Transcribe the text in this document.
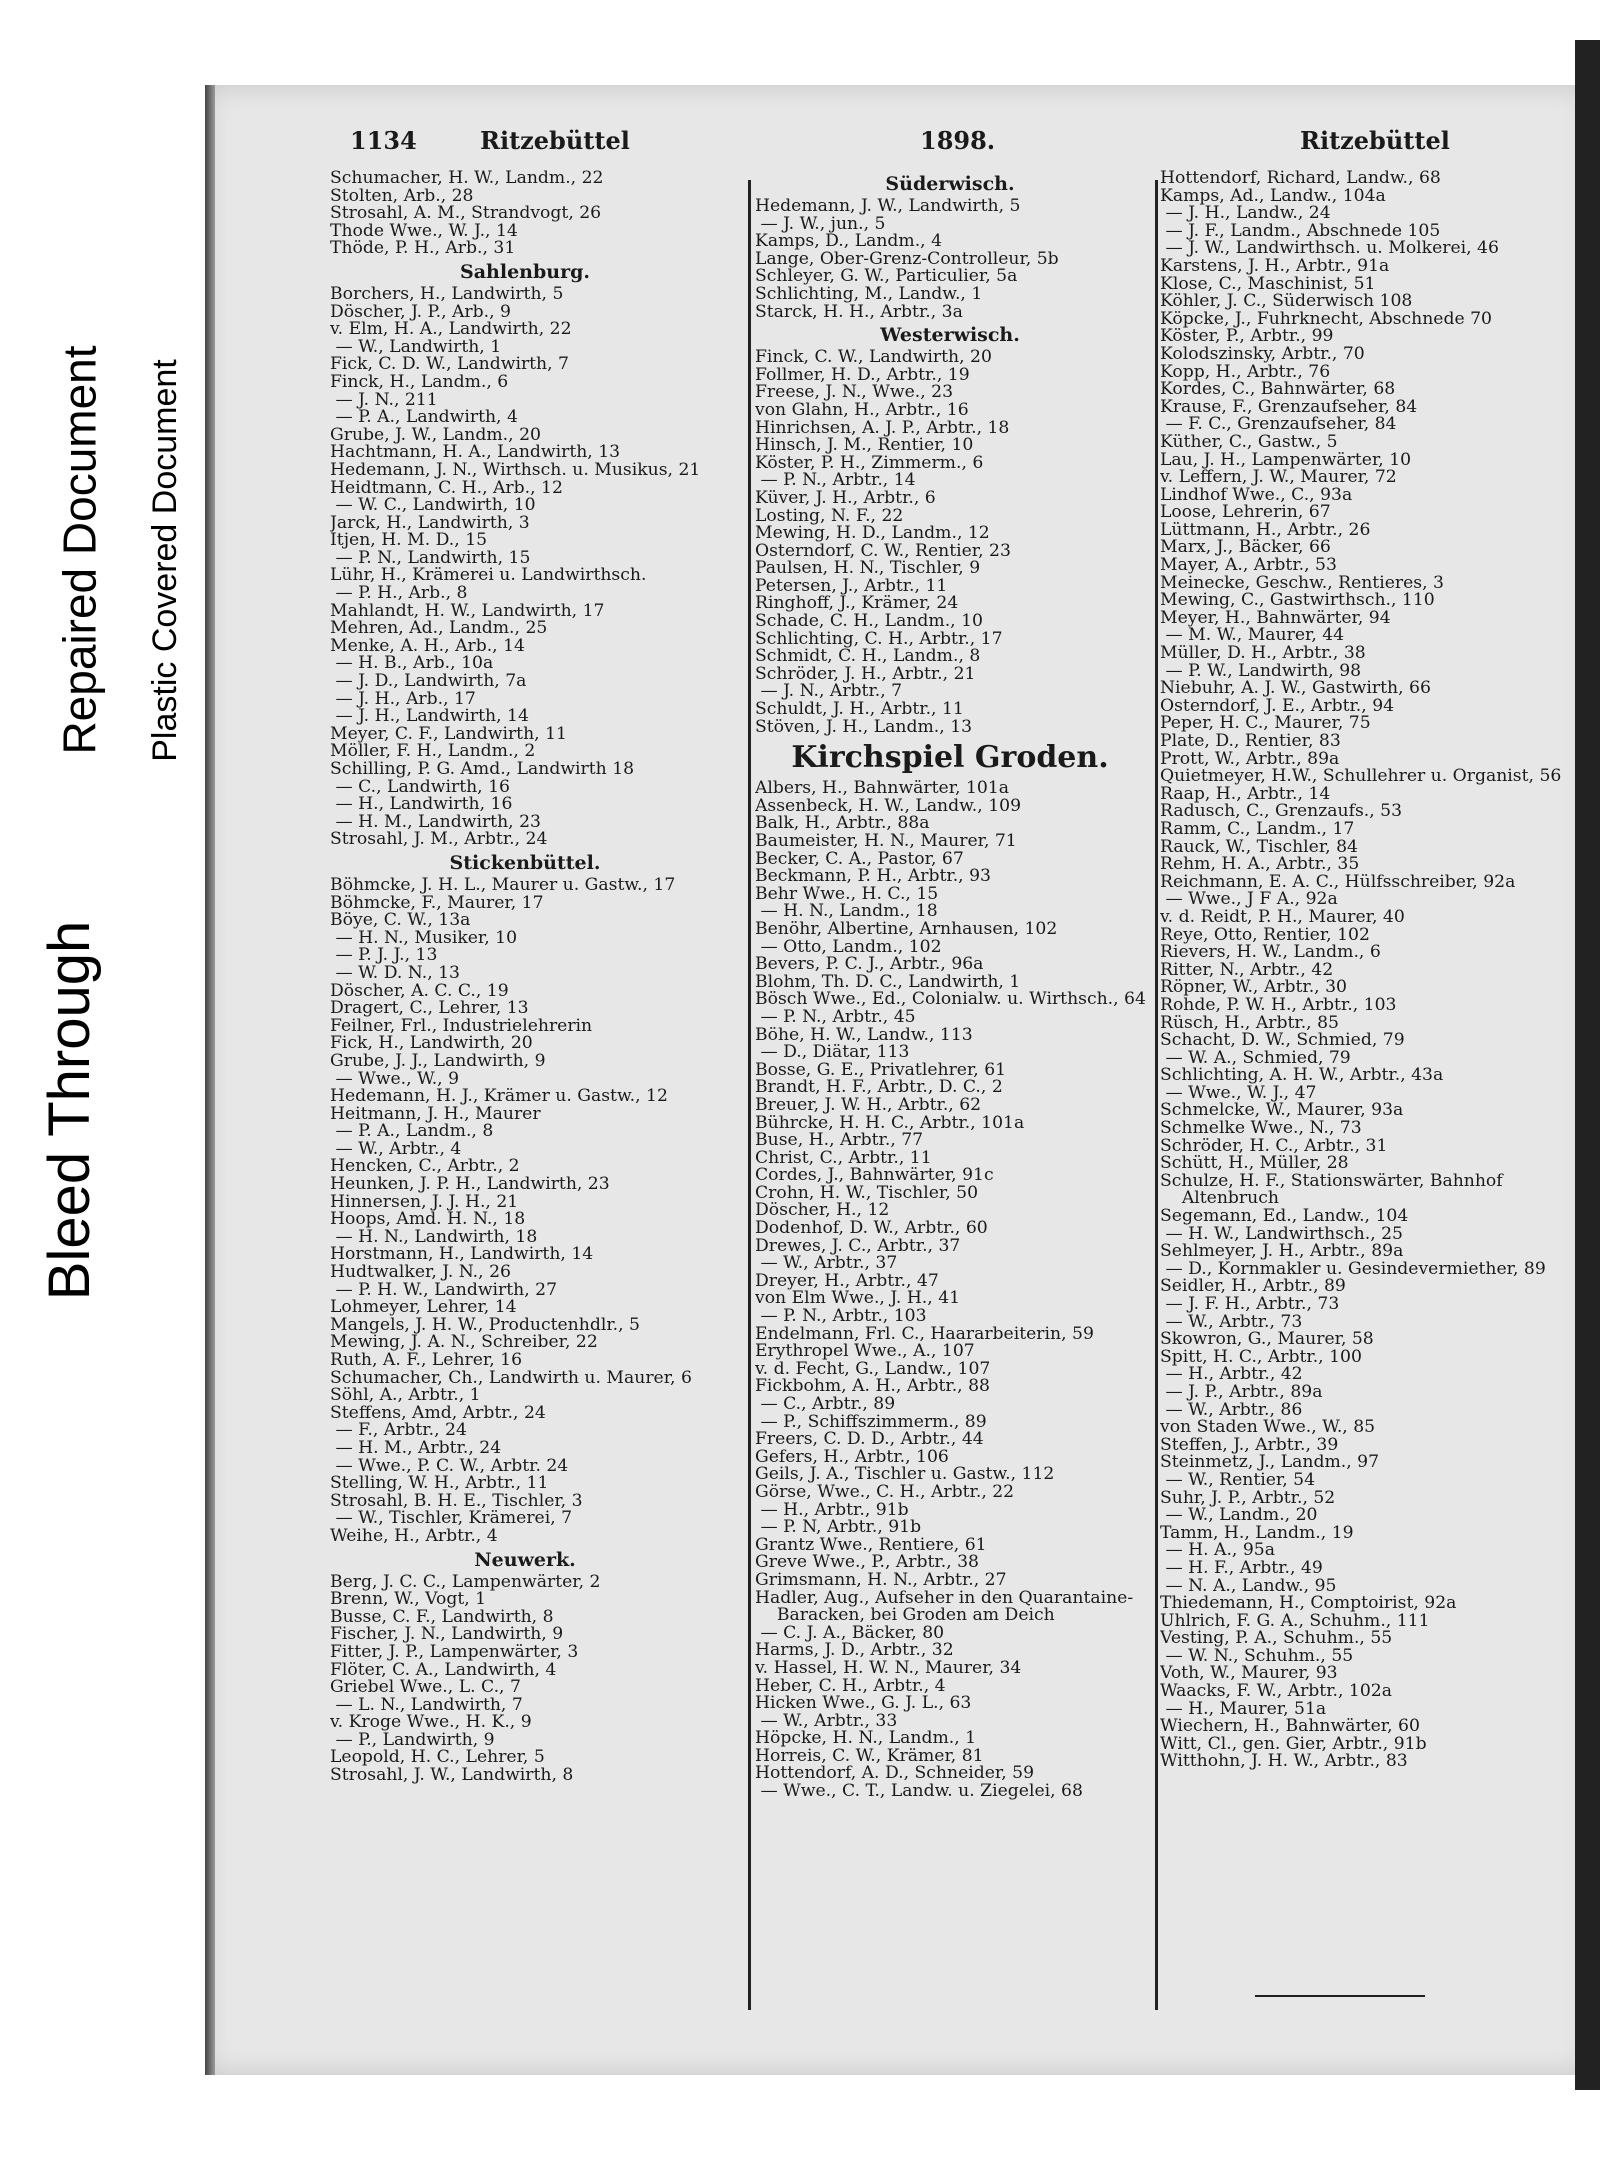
Bleed Through
Repaired Document Plastic Covered Document
1134	Ritzebüttel	1898.	Ritzebüttel
Schumacher, H. W., Landm., 22
Stolten, Arb., 28
Strosahl, A. M., Strandvogt, 26
Thode Wwe., W. J., 14
Thöde, P. H., Arb., 31
Sahlenburg.
Borchers, H., Landwirth, 5
Döscher, J. P., Arb., 9
v. Elm, H. A., Landwirth, 22
— W., Landwirth, 1
Fick, C. D. W., Landwirth, 7
Finck, H., Landm., 6
— J. N., 211
— P. A., Landwirth, 4
Grube, J. W., Landm., 20
Hachtmann, H. A., Landwirth, 13
Hedemann, J. N., Wirthsch. u. Musikus, 21
Heidtmann, C. H., Arb., 12
— W. C., Landwirth, 10
Jarck, H., Landwirth, 3
Itjen, H. M. D., 15
— P. N., Landwirth, 15
Lühr, H., Krämerei u. Landwirthsch.
— P. H., Arb., 8
Mahlandt, H. W., Landwirth, 17
Mehren, Ad., Landm., 25
Menke, A. H., Arb., 14
— H. B., Arb., 10a
— J. D., Landwirth, 7a
— J. H., Arb., 17
— J. H., Landwirth, 14
Meyer, C. F., Landwirth, 11
Möller, F. H., Landm., 2
Schilling, P. G. Amd., Landwirth 18
— C., Landwirth, 16
— H., Landwirth, 16
— H. M., Landwirth, 23
Strosahl, J. M., Arbtr., 24
Stickenbüttel.
Böhmcke, J. H. L., Maurer u. Gastw., 17
Böhmcke, F., Maurer, 17
Böye, C. W., 13a
— H. N., Musiker, 10
— P. J. J., 13
— W. D. N., 13
Döscher, A. C. C., 19
Dragert, C., Lehrer, 13
Feilner, Frl., Industrielehrerin
Fick, H., Landwirth, 20
Grube, J. J., Landwirth, 9
— Wwe., W., 9
Hedemann, H. J., Krämer u. Gastw., 12
Heitmann, J. H., Maurer
— P. A., Landm., 8
— W., Arbtr., 4
Hencken, C., Arbtr., 2
Heunken, J. P. H., Landwirth, 23
Hinnersen, J. J. H., 21
Hoops, Amd. H. N., 18
— H. N., Landwirth, 18
Horstmann, H., Landwirth, 14
Hudtwalker, J. N., 26
— P. H. W., Landwirth, 27
Lohmeyer, Lehrer, 14
Mangels, J. H. W., Productenhdlr., 5
Mewing, J. A. N., Schreiber, 22
Ruth, A. F., Lehrer, 16
Schumacher, Ch., Landwirth u. Maurer, 6
Söhl, A., Arbtr., 1
Steffens, Amd, Arbtr., 24
— F., Arbtr., 24
— H. M., Arbtr., 24
— Wwe., P. C. W., Arbtr. 24
Stelling, W. H., Arbtr., 11
Strosahl, B. H. E., Tischler, 3
— W., Tischler, Krämerei, 7
Weihe, H., Arbtr., 4
Neuwerk.
Berg, J. C. C., Lampenwärter, 2
Brenn, W., Vogt, 1
Busse, C. F., Landwirth, 8
Fischer, J. N., Landwirth, 9
Fitter, J. P., Lampenwärter, 3
Flöter, C. A., Landwirth, 4
Griebel Wwe., L. C., 7
— L. N., Landwirth, 7
v. Kroge Wwe., H. K., 9
— P., Landwirth, 9
Leopold, H. C., Lehrer, 5
Strosahl, J. W., Landwirth, 8
Süderwisch.
Hedemann, J. W., Landwirth, 5
— J. W., jun., 5
Kamps, D., Landm., 4
Lange, Ober-Grenz-Controlleur, 5b
Schleyer, G. W., Particulier, 5a
Schlichting, M., Landw., 1
Starck, H. H., Arbtr., 3a
Westerwisch.
Finck, C. W., Landwirth, 20
Follmer, H. D., Arbtr., 19
Freese, J. N., Wwe., 23
von Glahn, H., Arbtr., 16
Hinrichsen, A. J. P., Arbtr., 18
Hinsch, J. M., Rentier, 10
Köster, P. H., Zimmerm., 6
— P. N., Arbtr., 14
Küver, J. H., Arbtr., 6
Losting, N. F., 22
Mewing, H. D., Landm., 12
Osterndorf, C. W., Rentier, 23
Paulsen, H. N., Tischler, 9
Petersen, J., Arbtr., 11
Ringhoff, J., Krämer, 24
Schade, C. H., Landm., 10
Schlichting, C. H., Arbtr., 17
Schmidt, C. H., Landm., 8
Schröder, J. H., Arbtr., 21
— J. N., Arbtr., 7
Schuldt, J. H., Arbtr., 11
Stöven, J. H., Landm., 13
Kirchspiel Groden.
Albers, H., Bahnwärter, 101a
Assenbeck, H. W., Landw., 109
Balk, H., Arbtr., 88a
Baumeister, H. N., Maurer, 71
Becker, C. A., Pastor, 67
Beckmann, P. H., Arbtr., 93
Behr Wwe., H. C., 15
— H. N., Landm., 18
Benöhr, Albertine, Arnhausen, 102
— Otto, Landm., 102
Bevers, P. C. J., Arbtr., 96a
Blohm, Th. D. C., Landwirth, 1
Bösch Wwe., Ed., Colonialw. u. Wirthsch., 64
— P. N., Arbtr., 45
Böhe, H. W., Landw., 113
— D., Diätar, 113
Bosse, G. E., Privatlehrer, 61
Brandt, H. F., Arbtr., D. C., 2
Breuer, J. W. H., Arbtr., 62
Bührcke, H. H. C., Arbtr., 101a
Buse, H., Arbtr., 77
Christ, C., Arbtr., 11
Cordes, J., Bahnwärter, 91c
Crohn, H. W., Tischler, 50
Döscher, H., 12
Dodenhof, D. W., Arbtr., 60
Drewes, J. C., Arbtr., 37
— W., Arbtr., 37
Dreyer, H., Arbtr., 47
von Elm Wwe., J. H., 41
— P. N., Arbtr., 103
Endelmann, Frl. C., Haararbeiterin, 59
Erythropel Wwe., A., 107
v. d. Fecht, G., Landw., 107
Fickbohm, A. H., Arbtr., 88
— C., Arbtr., 89
— P., Schiffszimmerm., 89
Freers, C. D. D., Arbtr., 44
Gefers, H., Arbtr., 106
Geils, J. A., Tischler u. Gastw., 112
Görse, Wwe., C. H., Arbtr., 22
— H., Arbtr., 91b
— P. N, Arbtr., 91b
Grantz Wwe., Rentiere, 61
Greve Wwe., P., Arbtr., 38
Grimsmann, H. N., Arbtr., 27
Hadler, Aug., Aufseher in den Quarantaine-
Baracken, bei Groden am Deich
— C. J. A., Bäcker, 80
Harms, J. D., Arbtr., 32
v. Hassel, H. W. N., Maurer, 34
Heber, C. H., Arbtr., 4
Hicken Wwe., G. J. L., 63
— W., Arbtr., 33
Höpcke, H. N., Landm., 1
Horreis, C. W., Krämer, 81
Hottendorf, A. D., Schneider, 59
— Wwe., C. T., Landw. u. Ziegelei, 68
Hottendorf, Richard, Landw., 68
Kamps, Ad., Landw., 104a
— J. H., Landw., 24
— J. F., Landm., Abschnede 105
— J. W., Landwirthsch. u. Molkerei, 46
Karstens, J. H., Arbtr., 91a
Klose, C., Maschinist, 51
Köhler, J. C., Süderwisch 108
Köpcke, J., Fuhrknecht, Abschnede 70
Köster, P., Arbtr., 99
Kolodszinsky, Arbtr., 70
Kopp, H., Arbtr., 76
Kordes, C., Bahnwärter, 68
Krause, F., Grenzaufseher, 84
— F. C., Grenzaufseher, 84
Küther, C., Gastw., 5
Lau, J. H., Lampenwärter, 10
v. Leffern, J. W., Maurer, 72
Lindhof Wwe., C., 93a
Loose, Lehrerin, 67
Lüttmann, H., Arbtr., 26
Marx, J., Bäcker, 66
Mayer, A., Arbtr., 53
Meinecke, Geschw., Rentieres, 3
Mewing, C., Gastwirthsch., 110
Meyer, H., Bahnwärter, 94
— M. W., Maurer, 44
Müller, D. H., Arbtr., 38
— P. W., Landwirth, 98
Niebuhr, A. J. W., Gastwirth, 66
Osterndorf, J. E., Arbtr., 94
Peper, H. C., Maurer, 75
Plate, D., Rentier, 83
Prott, W., Arbtr., 89a
Quietmeyer, H.W., Schullehrer u. Organist, 56
Raap, H., Arbtr., 14
Radusch, C., Grenzaufs., 53
Ramm, C., Landm., 17
Rauck, W., Tischler, 84
Rehm, H. A., Arbtr., 35
Reichmann, E. A. C., Hülfsschreiber, 92a
— Wwe., J F A., 92a
v. d. Reidt, P. H., Maurer, 40
Reye, Otto, Rentier, 102
Rievers, H. W., Landm., 6
Ritter, N., Arbtr., 42
Röpner, W., Arbtr., 30
Rohde, P. W. H., Arbtr., 103
Rüsch, H., Arbtr., 85
Schacht, D. W., Schmied, 79
— W. A., Schmied, 79
Schlichting, A. H. W., Arbtr., 43a
— Wwe., W. J., 47
Schmelcke, W., Maurer, 93a
Schmelke Wwe., N., 73
Schröder, H. C., Arbtr., 31
Schütt, H., Müller, 28
Schulze, H. F., Stationswärter, Bahnhof
Altenbruch
Segemann, Ed., Landw., 104
— H. W., Landwirthsch., 25
Sehlmeyer, J. H., Arbtr., 89a
— D., Kornmakler u. Gesindevermiether, 89
Seidler, H., Arbtr., 89
— J. F. H., Arbtr., 73
— W., Arbtr., 73
Skowron, G., Maurer, 58
Spitt, H. C., Arbtr., 100
— H., Arbtr., 42
— J. P., Arbtr., 89a
— W., Arbtr., 86
von Staden Wwe., W., 85
Steffen, J., Arbtr., 39
Steinmetz, J., Landm., 97
— W., Rentier, 54
Suhr, J. P., Arbtr., 52
— W., Landm., 20
Tamm, H., Landm., 19
— H. A., 95a
— H. F., Arbtr., 49
— N. A., Landw., 95
Thiedemann, H., Comptoirist, 92a
Uhlrich, F. G. A., Schuhm., 111
Vesting, P. A., Schuhm., 55
— W. N., Schuhm., 55
Voth, W., Maurer, 93
Waacks, F. W., Arbtr., 102a
— H., Maurer, 51a
Wiechern, H., Bahnwärter, 60
Witt, Cl., gen. Gier, Arbtr., 91b
Witthohn, J. H. W., Arbtr., 83
